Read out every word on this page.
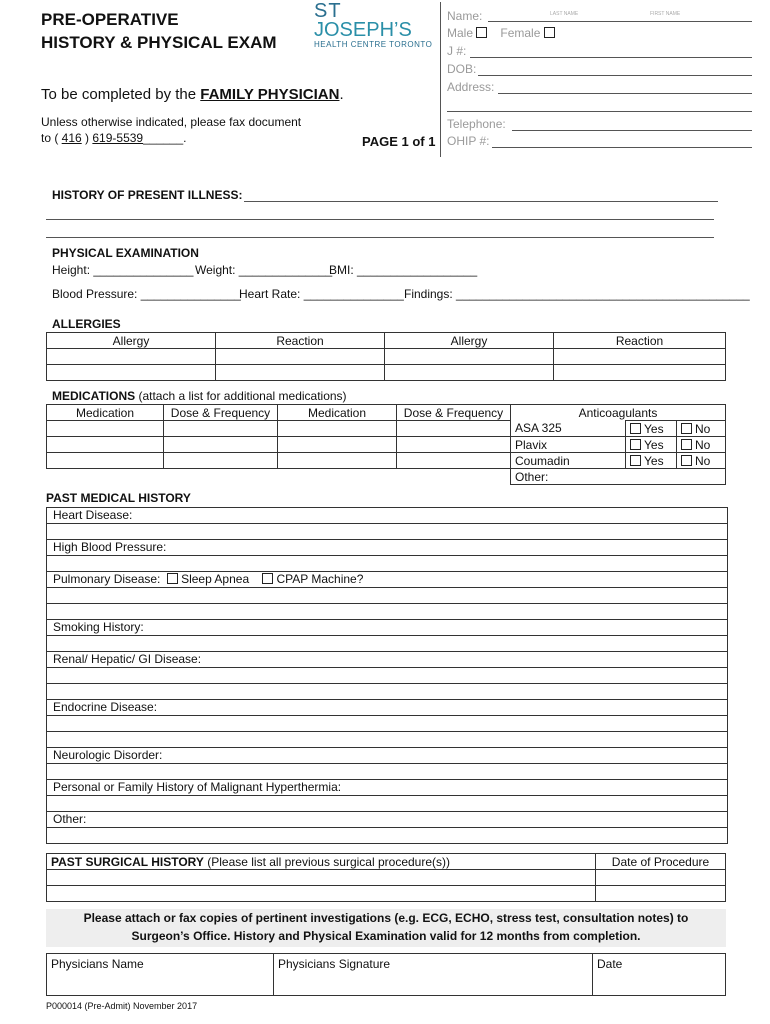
PRE-OPERATIVE
HISTORY & PHYSICAL EXAM
ST
JOSEPH’S
HEALTH CENTRE TORONTO
To be completed by the FAMILY PHYSICIAN.
Unless otherwise indicated, please fax document
to ( 416 ) 619-5539______.	PAGE 1 of 1
Name:	LAST NAME	FIRST NAME
Male Female
J #:
DOB:
Address:
Telephone:
OHIP #:
HISTORY OF PRESENT ILLNESS:
PHYSICAL EXAMINATION
Height: _______________ Weight: ______________
BMI: __________________
Blood Pressure: _______________
Heart Rate: _______________ Findings: ____________________________________________
ALLERGIES
Allergy	Reaction	Allergy	Reaction

MEDICATIONS (attach a list for additional medications)
Medication	Dose & Frequency	Medication	Dose & Frequency	Anticoagulants		
				ASA 325	Yes	No
				Plavix	Yes	No
				Coumadin	Yes	No
				Other:		
PAST MEDICAL HISTORY
Heart Disease:
High Blood Pressure:
Pulmonary Disease: Sleep Apnea CPAP Machine?
Smoking History:
Renal/ Hepatic/ GI Disease:
Endocrine Disease:
Neurologic Disorder:
Personal or Family History of Malignant Hyperthermia:
Other:
PAST SURGICAL HISTORY (Please list all previous surgical procedure(s))	Date of Procedure

Please attach or fax copies of pertinent investigations (e.g. ECG, ECHO, stress test, consultation notes) to
Surgeon’s Office. History and Physical Examination valid for 12 months from completion.
Physicians Name	Physicians Signature	Date
P000014 (Pre-Admit) November 2017
